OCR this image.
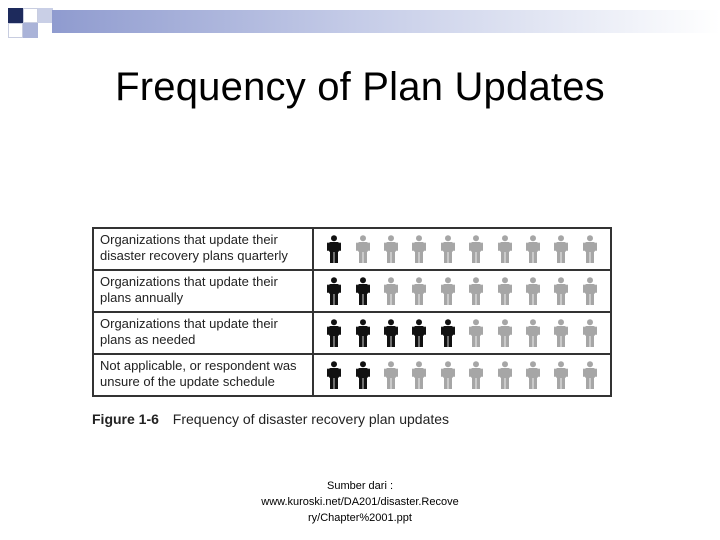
Frequency of Plan Updates
Organizations that update their
disaster recovery plans quarterly
Organizations that update their
plans annually
Organizations that update their
plans as needed
Not applicable, or respondent was
unsure of the update schedule
Figure 1-6 Frequency of disaster recovery plan updates
Sumber dari :
www.kuroski.net/DA201/disaster.Recove
ry/Chapter%2001.ppt
